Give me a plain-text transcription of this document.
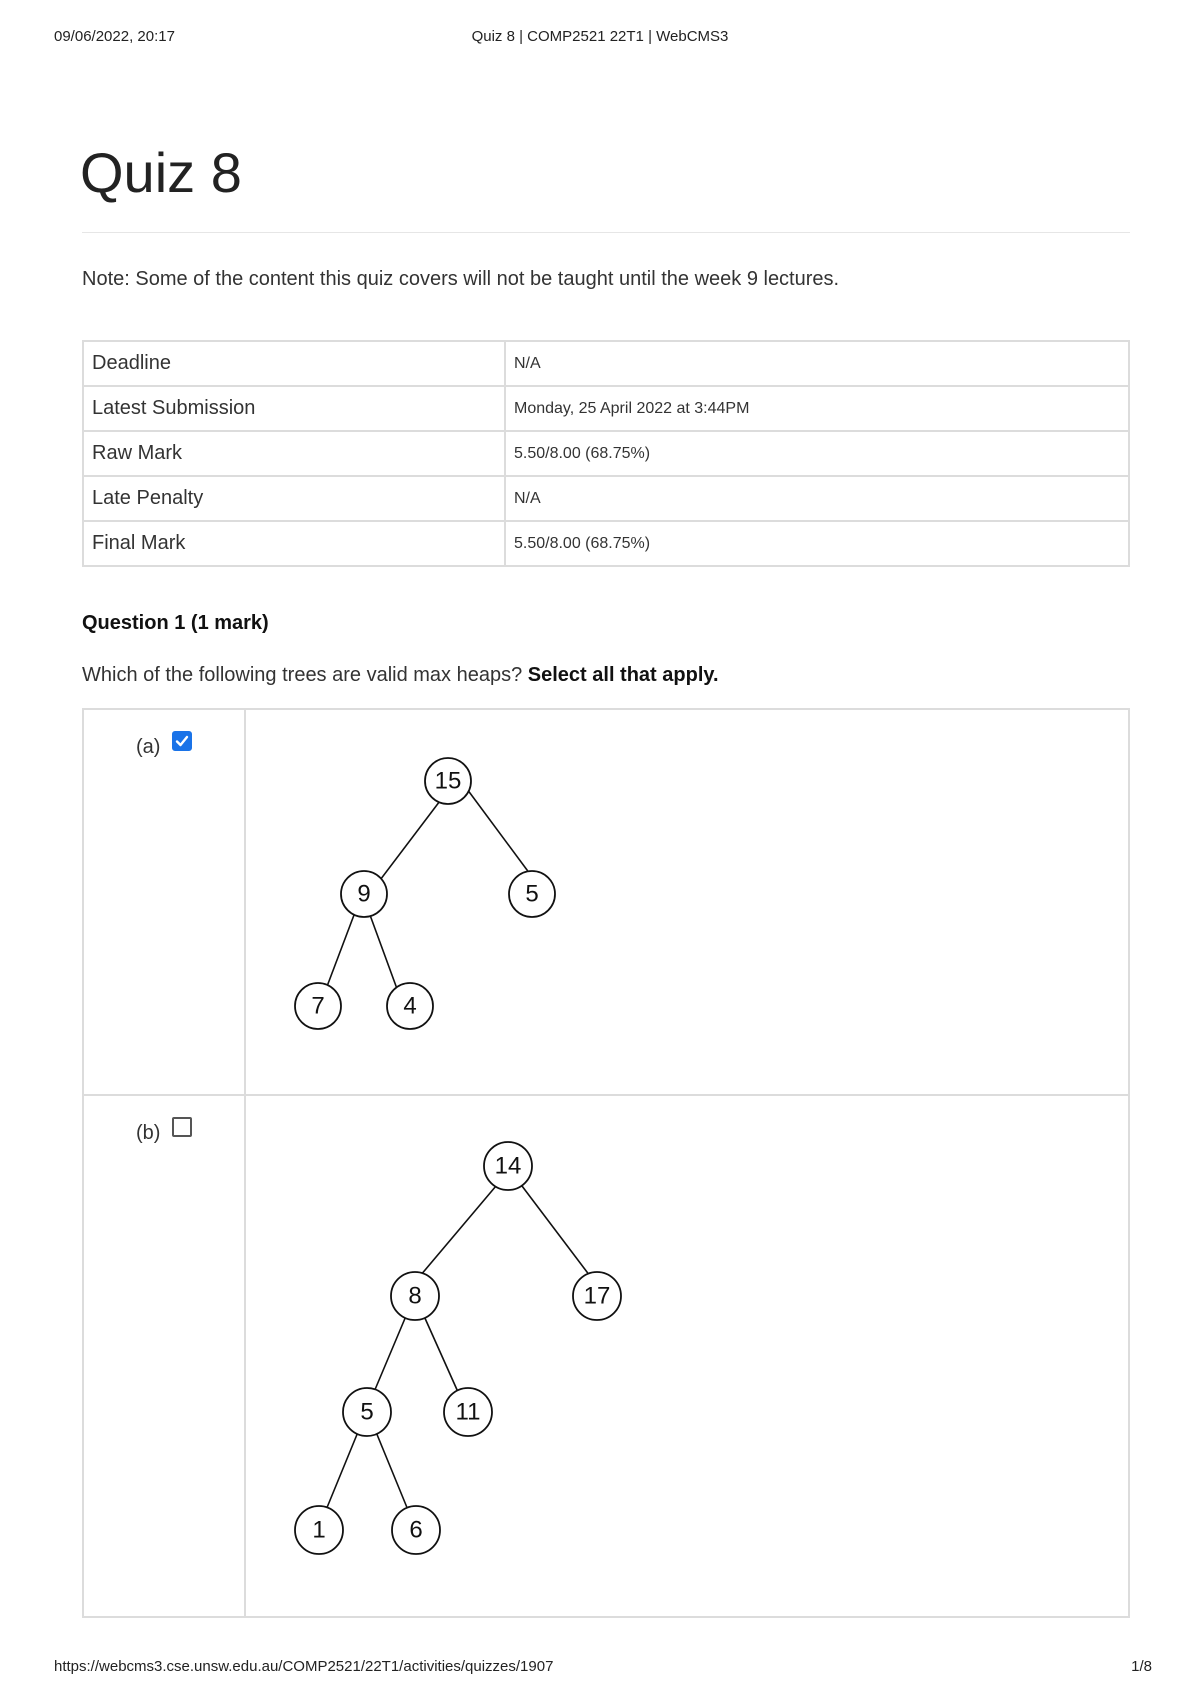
09/06/2022, 20:17	Quiz 8 | COMP2521 22T1 | WebCMS3
Quiz 8
Note: Some of the content this quiz covers will not be taught until the week 9 lectures.
Deadline	N/A
Latest Submission	Monday, 25 April 2022 at 3:44PM
Raw Mark	5.50/8.00 (68.75%)
Late Penalty	N/A
Final Mark	5.50/8.00 (68.75%)
Question 1 (1 mark)
Which of the following trees are valid max heaps? Select all that apply.
(a)
15
9	5
7	4
(b)
14
8	17
5	11
1	6
https://webcms3.cse.unsw.edu.au/COMP2521/22T1/activities/quizzes/1907	1/8
